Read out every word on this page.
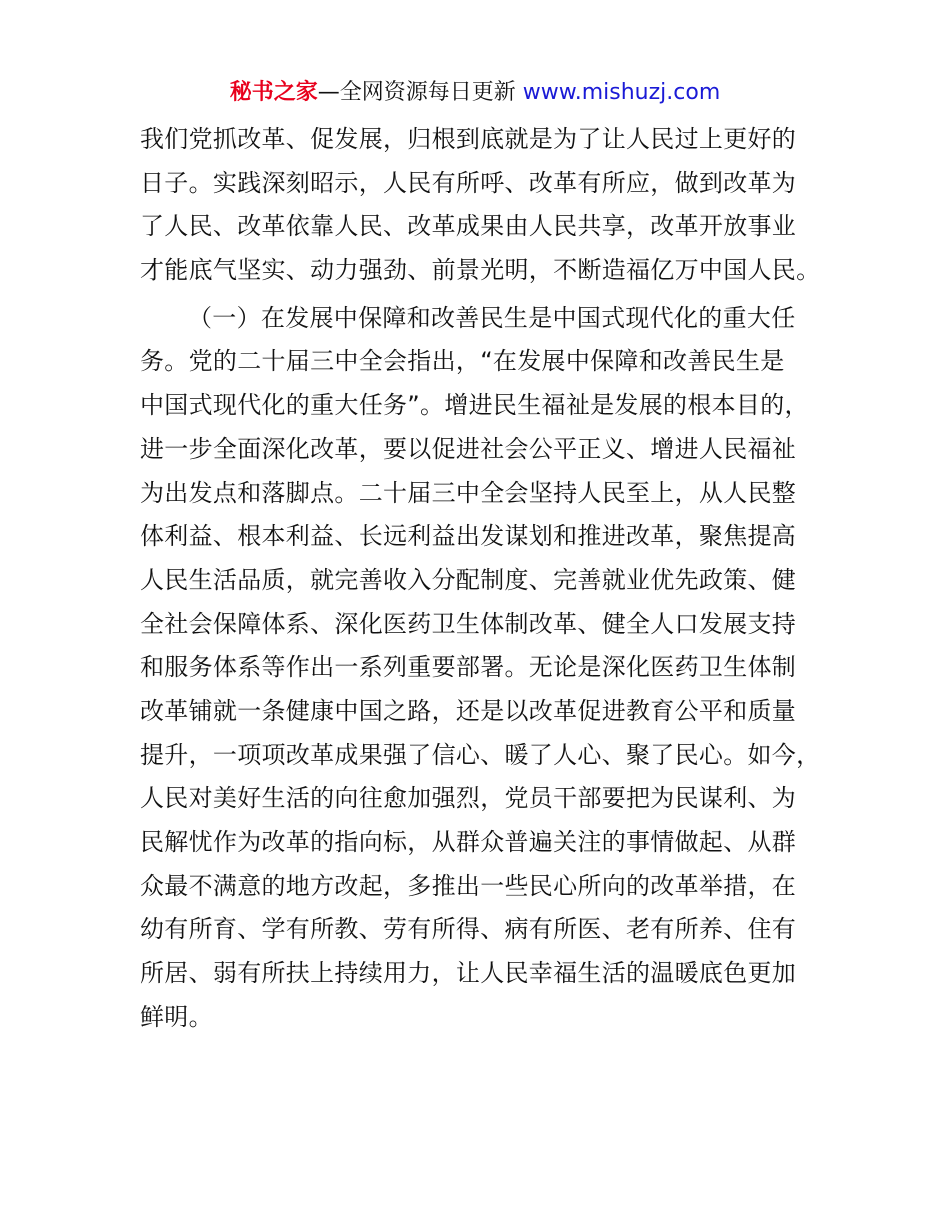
秘书之家—全网资源每日更新 www.mishuzj.com
我们党抓改革、促发展，归根到底就是为了让人民过上更好的
日子。实践深刻昭示，人民有所呼、改革有所应，做到改革为
了人民、改革依靠人民、改革成果由人民共享，改革开放事业
才能底气坚实、动力强劲、前景光明，不断造福亿万中国人民。
（一）在发展中保障和改善民生是中国式现代化的重大任
务。党的二十届三中全会指出，“在发展中保障和改善民生是
中国式现代化的重大任务”。增进民生福祉是发展的根本目的，
进一步全面深化改革，要以促进社会公平正义、增进人民福祉
为出发点和落脚点。二十届三中全会坚持人民至上，从人民整
体利益、根本利益、长远利益出发谋划和推进改革，聚焦提高
人民生活品质，就完善收入分配制度、完善就业优先政策、健
全社会保障体系、深化医药卫生体制改革、健全人口发展支持
和服务体系等作出一系列重要部署。无论是深化医药卫生体制
改革铺就一条健康中国之路，还是以改革促进教育公平和质量
提升，一项项改革成果强了信心、暖了人心、聚了民心。如今，
人民对美好生活的向往愈加强烈，党员干部要把为民谋利、为
民解忧作为改革的指向标，从群众普遍关注的事情做起、从群
众最不满意的地方改起，多推出一些民心所向的改革举措，在
幼有所育、学有所教、劳有所得、病有所医、老有所养、住有
所居、弱有所扶上持续用力，让人民幸福生活的温暖底色更加
鲜明。
